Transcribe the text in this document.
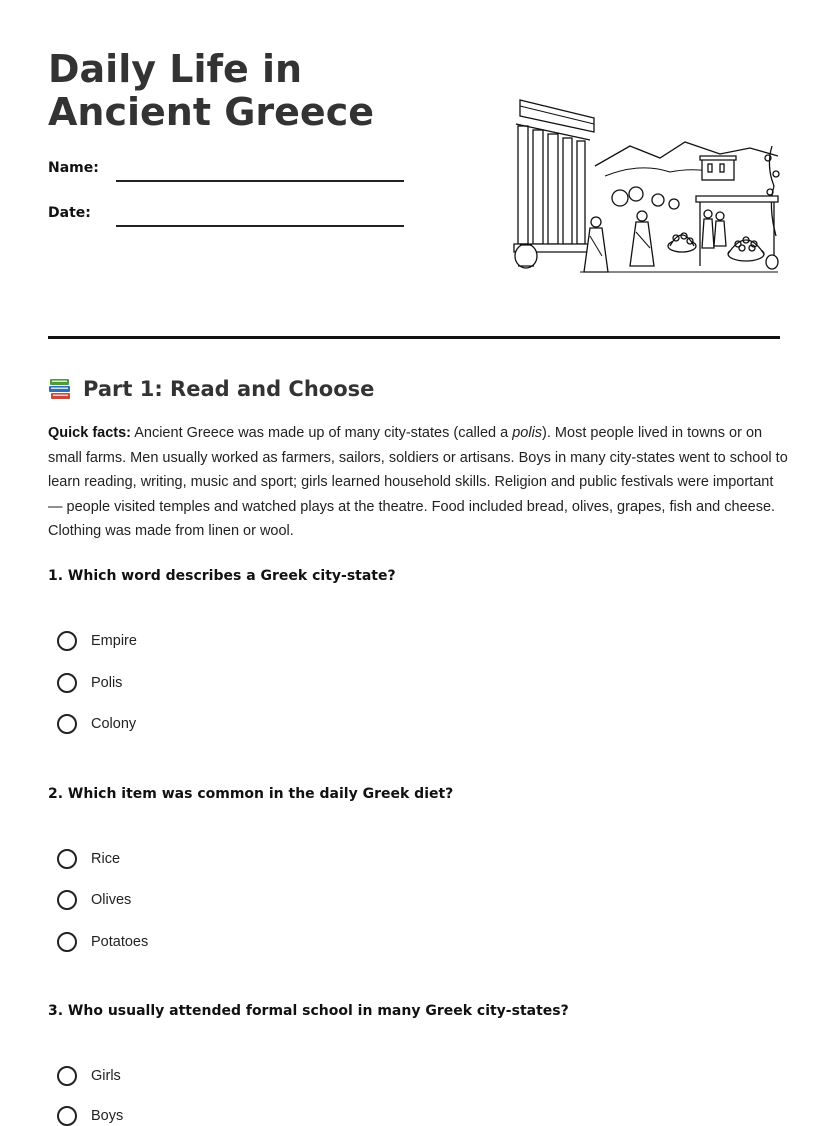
Daily Life in Ancient Greece
Name:
Date:
Part 1: Read and Choose

Quick facts: Ancient Greece was made up of many city-states (called a polis). Most people lived in towns or on small farms. Men usually worked as farmers, sailors, soldiers or artisans. Boys in many city-states went to school to learn reading, writing, music and sport; girls learned household skills. Religion and public festivals were important — people visited temples and watched plays at the theatre. Food included bread, olives, grapes, fish and cheese. Clothing was made from linen or wool.

1. Which word describes a Greek city-state?

Empire
Polis
Colony

2. Which item was common in the daily Greek diet?

Rice
Olives
Potatoes

3. Who usually attended formal school in many Greek city-states?

Girls
Boys
